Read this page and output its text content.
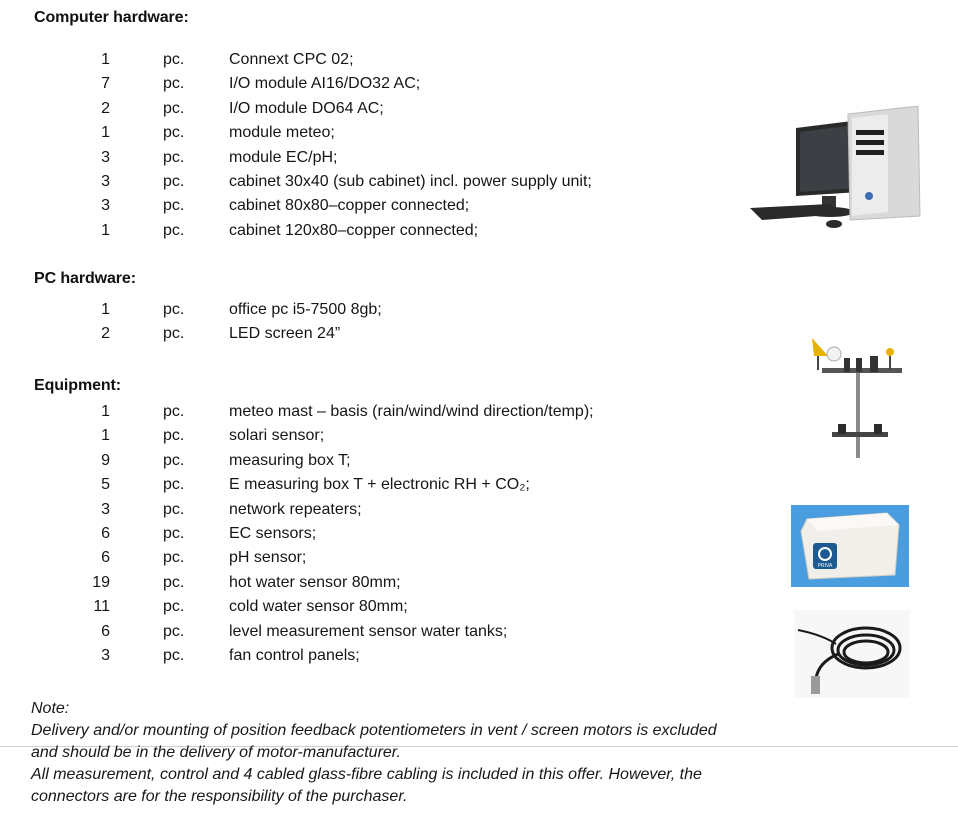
Computer hardware:
1	pc.	Connext CPC 02;
7	pc.	I/O module AI16/DO32 AC;
2	pc.	I/O module DO64 AC;
1	pc.	module meteo;
3	pc.	module EC/pH;
3	pc.	cabinet 30x40 (sub cabinet) incl. power supply unit;
3	pc.	cabinet 80x80–copper connected;
1	pc.	cabinet 120x80–copper connected;
PC hardware:
1	pc.	office pc i5-7500 8gb;
2	pc.	LED screen 24”
Equipment:
1	pc.	meteo mast – basis (rain/wind/wind direction/temp);
1	pc.	solari sensor;
9	pc.	measuring box T;
5	pc.	E measuring box T + electronic RH + CO₂;
3	pc.	network repeaters;
6	pc.	EC sensors;
6	pc.	pH sensor;
19	pc.	hot water sensor 80mm;
11	pc.	cold water sensor 80mm;
6	pc.	level measurement sensor water tanks;
3	pc.	fan control panels;
PRIVA
Note:
Delivery and/or mounting of position feedback potentiometers in vent / screen motors is excluded
and should be in the delivery of motor-manufacturer.
All measurement, control and 4 cabled glass-fibre cabling is included in this offer. However, the
connectors are for the responsibility of the purchaser.
